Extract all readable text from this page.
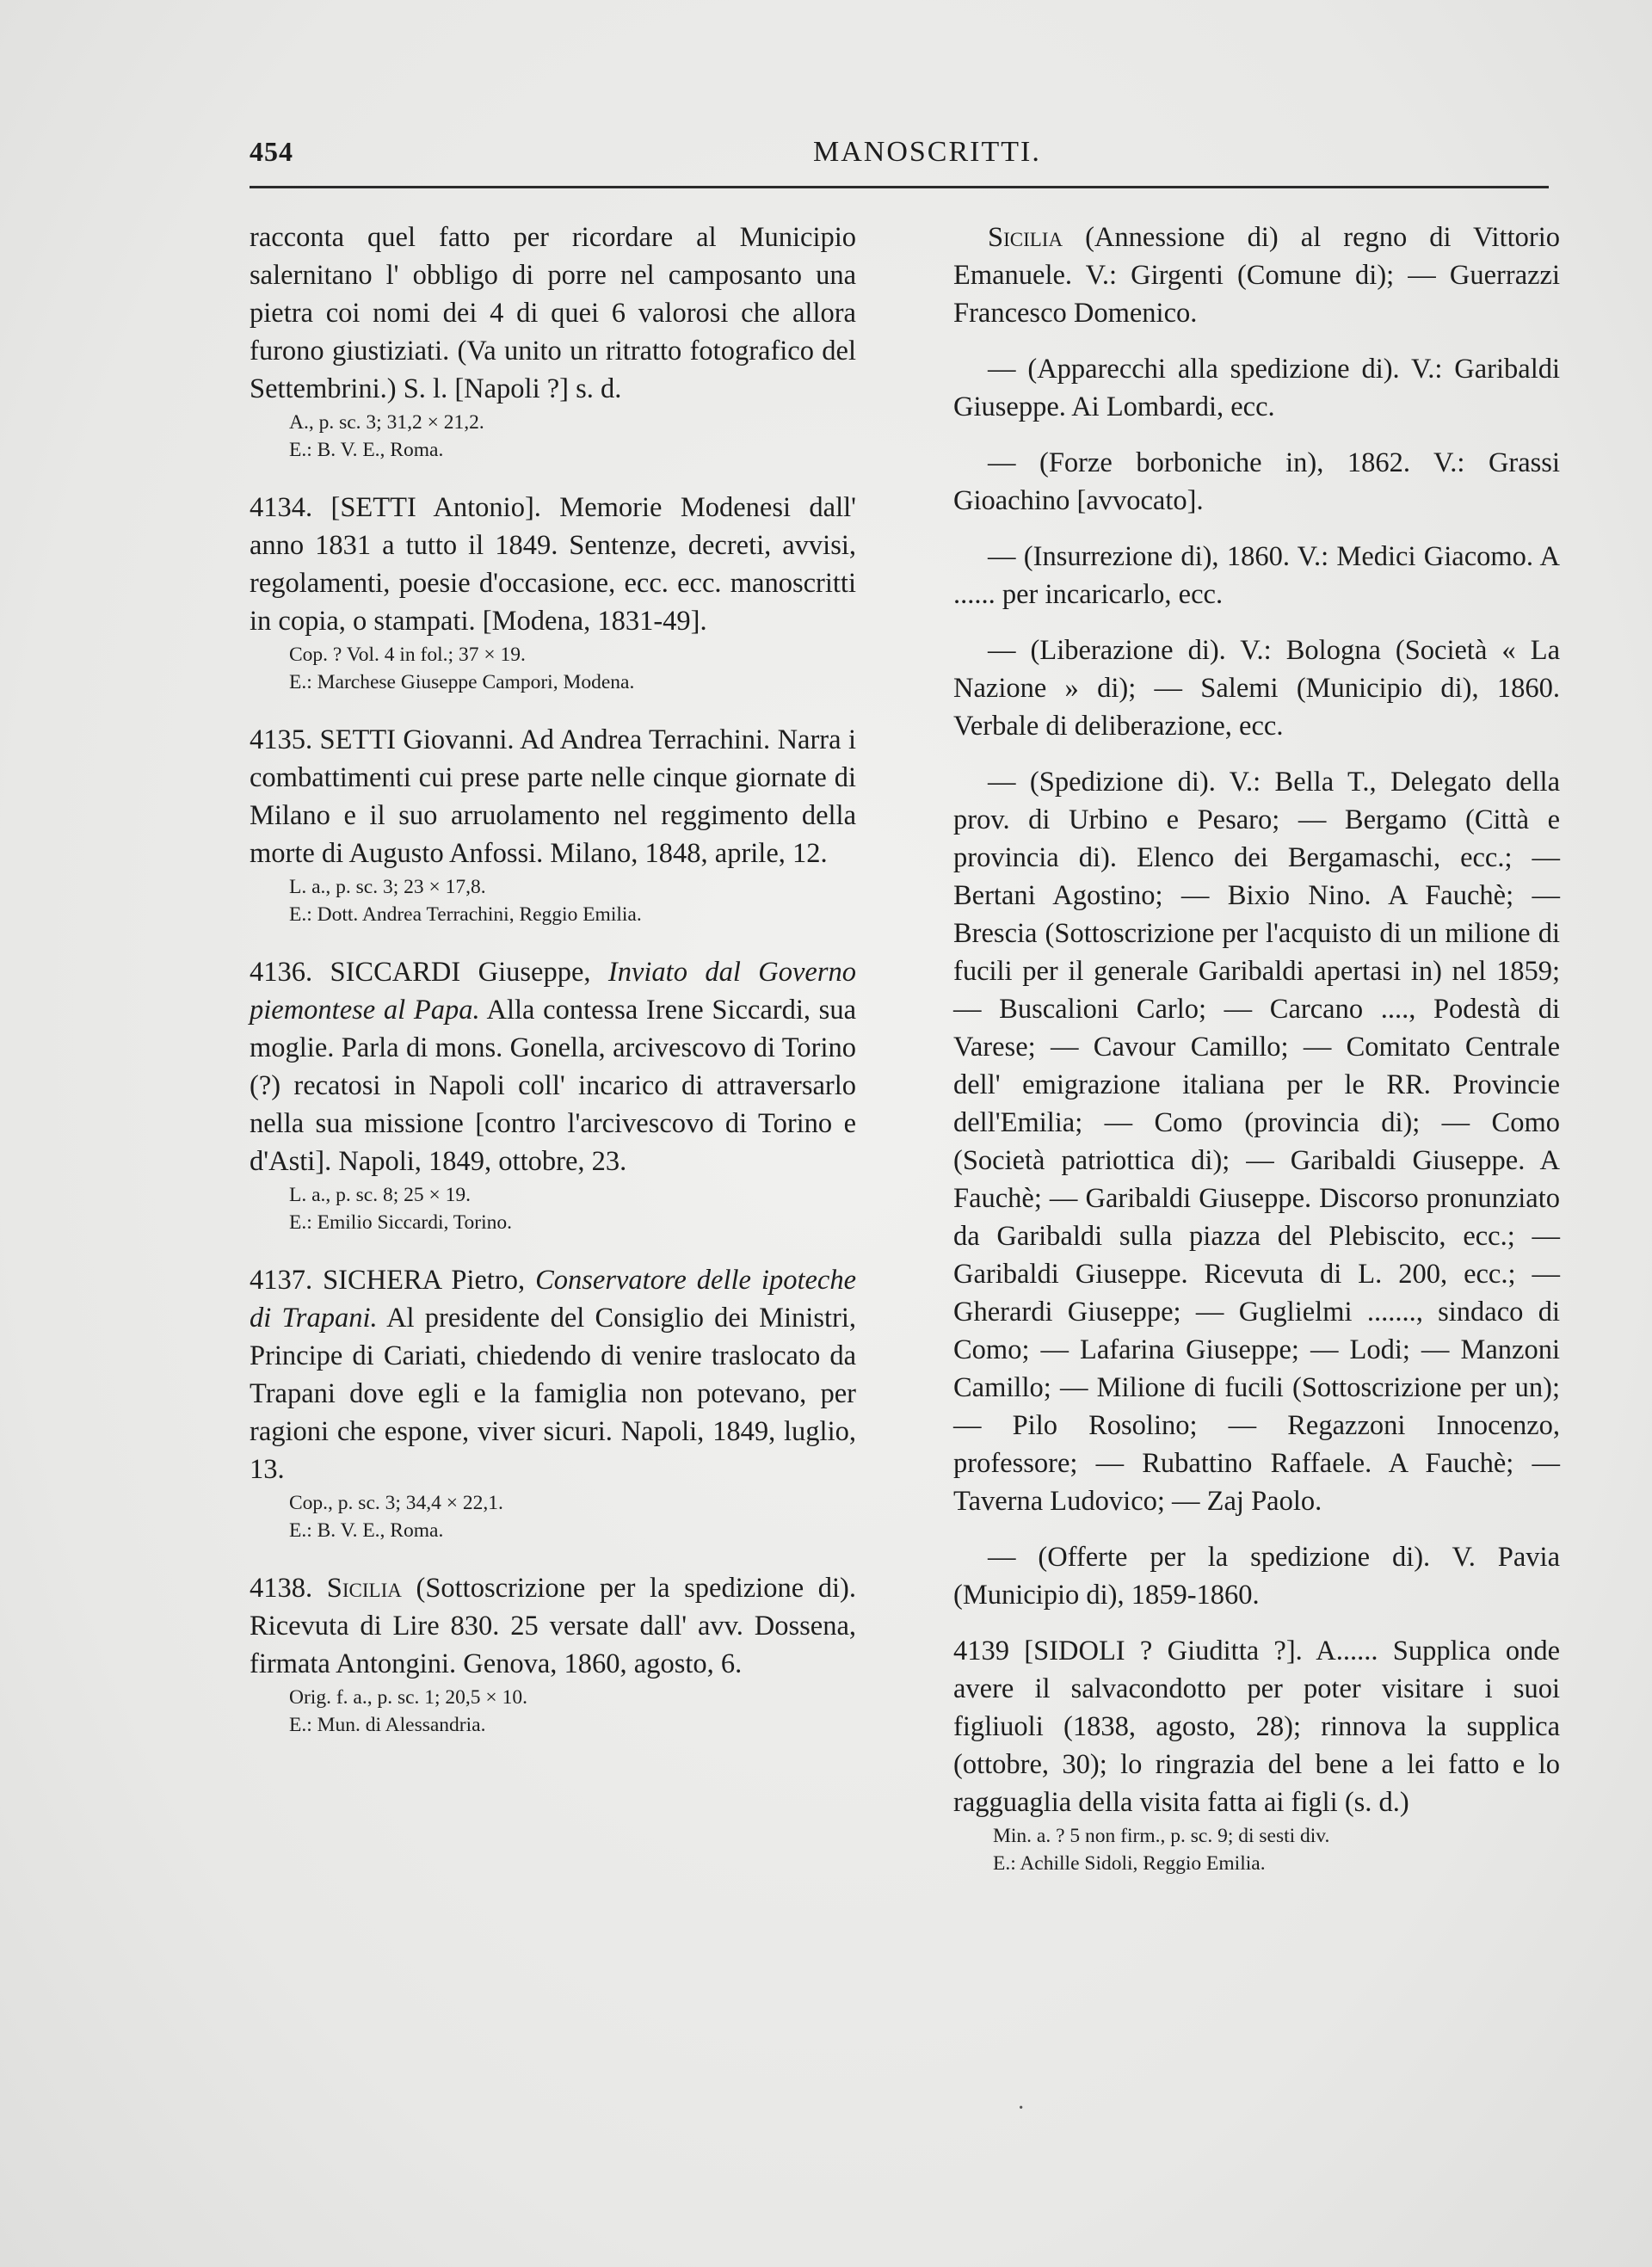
454	MANOSCRITTI.

racconta quel fatto per ricordare al Municipio salernitano l' obbligo di porre nel camposanto una pietra coi nomi dei 4 di quei 6 valorosi che allora furono giustiziati. (Va unito un ritratto fotografico del Settembrini.) S. l. [Napoli ?] s. d.

A., p. sc. 3; 31,2 × 21,2.
E.: B. V. E., Roma.

4134. [SETTI Antonio]. Memorie Modenesi dall' anno 1831 a tutto il 1849. Sentenze, decreti, avvisi, regolamenti, poesie d'occasione, ecc. ecc. manoscritti in copia, o stampati. [Modena, 1831-49].

Cop. ? Vol. 4 in fol.; 37 × 19.
E.: Marchese Giuseppe Campori, Modena.

4135. SETTI Giovanni. Ad Andrea Terrachini. Narra i combattimenti cui prese parte nelle cinque giornate di Milano e il suo arruolamento nel reggimento della morte di Augusto Anfossi. Milano, 1848, aprile, 12.

L. a., p. sc. 3; 23 × 17,8.
E.: Dott. Andrea Terrachini, Reggio Emilia.

4136. SICCARDI Giuseppe, Inviato dal Governo piemontese al Papa. Alla contessa Irene Siccardi, sua moglie. Parla di mons. Gonella, arcivescovo di Torino (?) recatosi in Napoli coll' incarico di attraversarlo nella sua missione [contro l'arcivescovo di Torino e d'Asti]. Napoli, 1849, ottobre, 23.

L. a., p. sc. 8; 25 × 19.
E.: Emilio Siccardi, Torino.

4137. SICHERA Pietro, Conservatore delle ipoteche di Trapani. Al presidente del Consiglio dei Ministri, Principe di Cariati, chiedendo di venire traslocato da Trapani dove egli e la famiglia non potevano, per ragioni che espone, viver sicuri. Napoli, 1849, luglio, 13.

Cop., p. sc. 3; 34,4 × 22,1.
E.: B. V. E., Roma.

4138. Sicilia (Sottoscrizione per la spedizione di). Ricevuta di Lire 830. 25 versate dall' avv. Dossena, firmata Antongini. Genova, 1860, agosto, 6.

Orig. f. a., p. sc. 1; 20,5 × 10.
E.: Mun. di Alessandria.

Sicilia (Annessione di) al regno di Vittorio Emanuele. V.: Girgenti (Comune di); — Guerrazzi Francesco Domenico.

— (Apparecchi alla spedizione di). V.: Garibaldi Giuseppe. Ai Lombardi, ecc.

— (Forze borboniche in), 1862. V.: Grassi Gioachino [avvocato].

— (Insurrezione di), 1860. V.: Medici Giacomo. A ...... per incaricarlo, ecc.

— (Liberazione di). V.: Bologna (Società « La Nazione » di); — Salemi (Municipio di), 1860. Verbale di deliberazione, ecc.

— (Spedizione di). V.: Bella T., Delegato della prov. di Urbino e Pesaro; — Bergamo (Città e provincia di). Elenco dei Bergamaschi, ecc.; — Bertani Agostino; — Bixio Nino. A Fauchè; — Brescia (Sottoscrizione per l'acquisto di un milione di fucili per il generale Garibaldi apertasi in) nel 1859; — Buscalioni Carlo; — Carcano ...., Podestà di Varese; — Cavour Camillo; — Comitato Centrale dell' emigrazione italiana per le RR. Provincie dell'Emilia; — Como (provincia di); — Como (Società patriottica di); — Garibaldi Giuseppe. A Fauchè; — Garibaldi Giuseppe. Discorso pronunziato da Garibaldi sulla piazza del Plebiscito, ecc.; — Garibaldi Giuseppe. Ricevuta di L. 200, ecc.; — Gherardi Giuseppe; — Guglielmi ......., sindaco di Como; — Lafarina Giuseppe; — Lodi; — Manzoni Camillo; — Milione di fucili (Sottoscrizione per un); — Pilo Rosolino; — Regazzoni Innocenzo, professore; — Rubattino Raffaele. A Fauchè; — Taverna Ludovico; — Zaj Paolo.

— (Offerte per la spedizione di). V. Pavia (Municipio di), 1859-1860.

4139 [SIDOLI ? Giuditta ?]. A...... Supplica onde avere il salvacondotto per poter visitare i suoi figliuoli (1838, agosto, 28); rinnova la supplica (ottobre, 30); lo ringrazia del bene a lei fatto e lo ragguaglia della visita fatta ai figli (s. d.)

Min. a. ? 5 non firm., p. sc. 9; di sesti div.
E.: Achille Sidoli, Reggio Emilia.
·
